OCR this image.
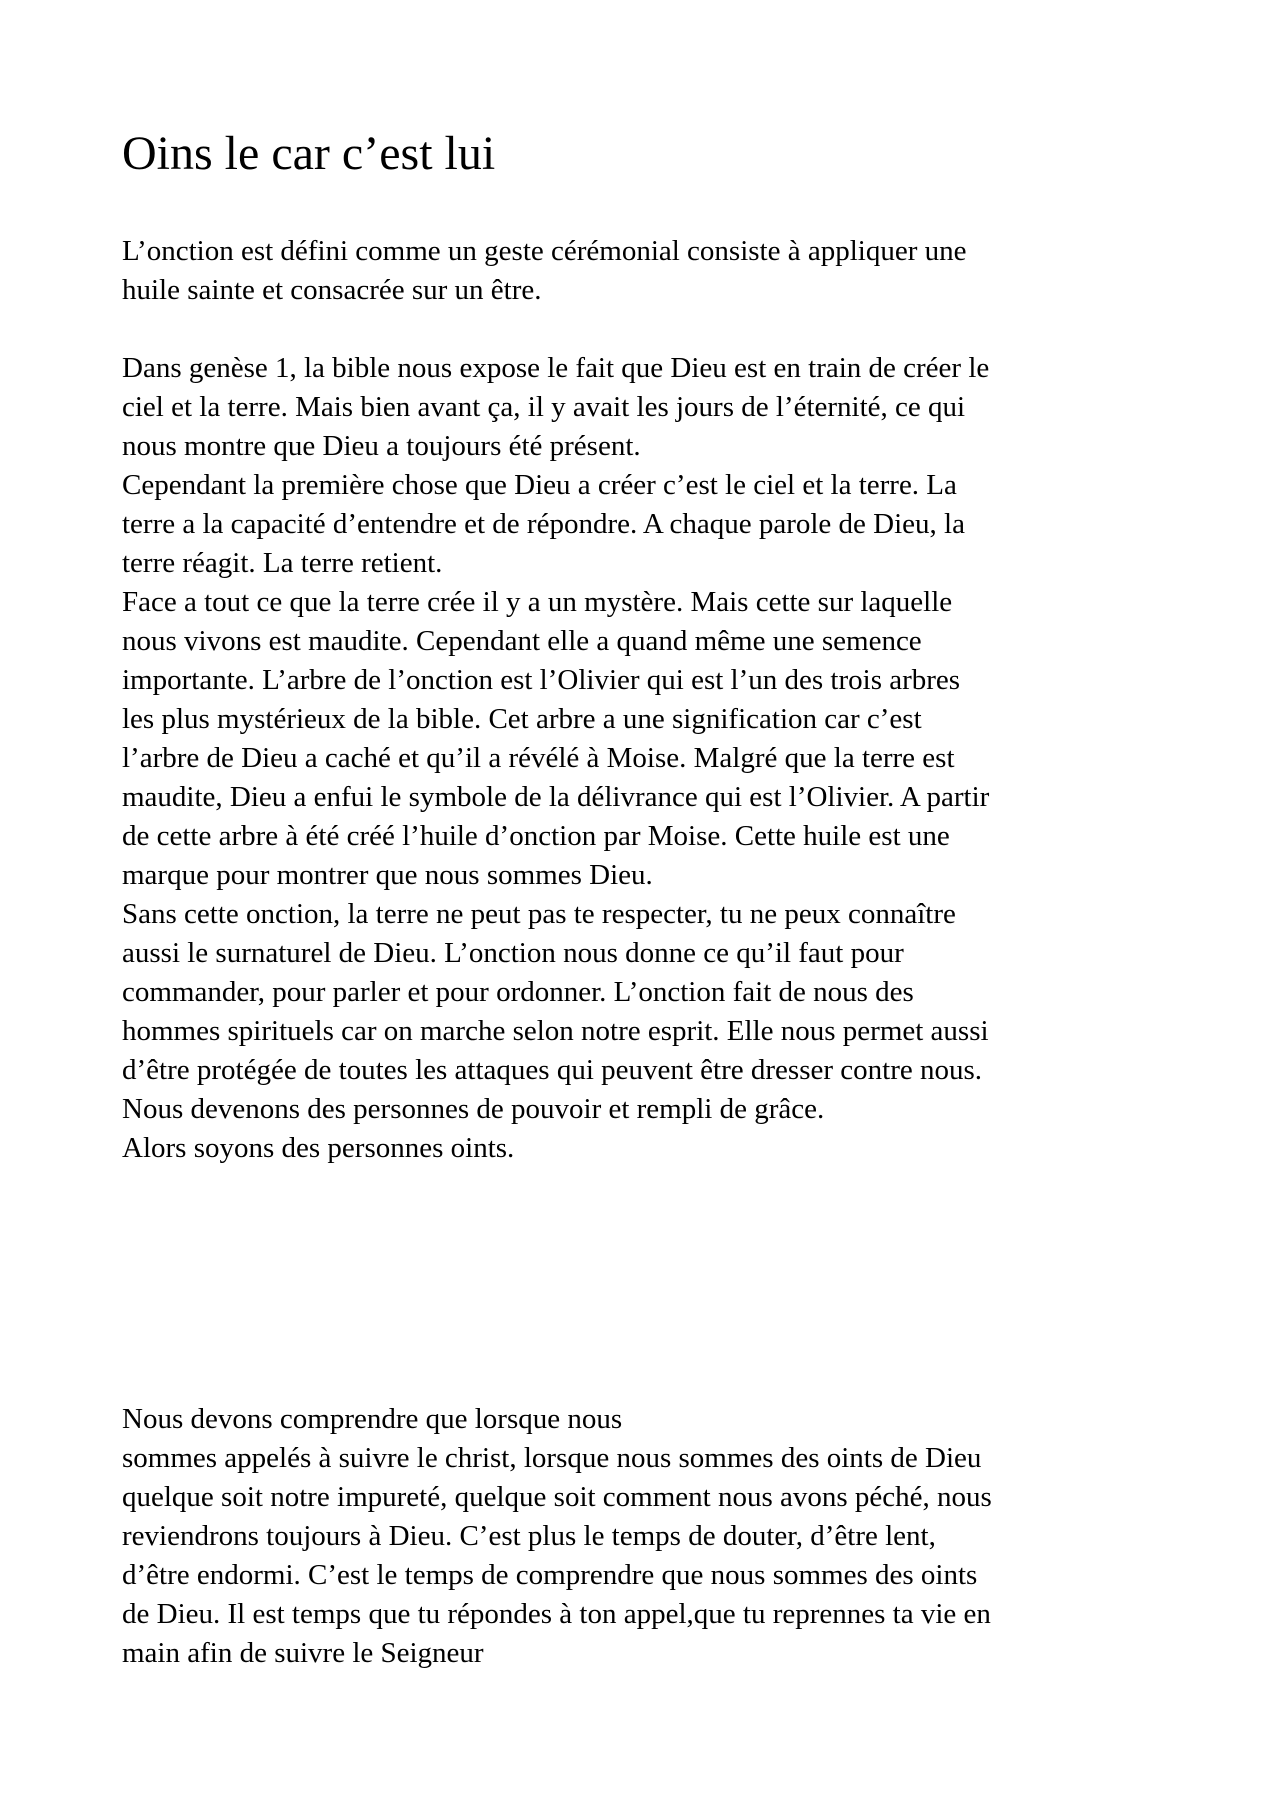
Oins le car c’est lui

L’onction est défini comme un geste cérémonial consiste à appliquer une

huile sainte et consacrée sur un être.

Dans genèse 1, la bible nous expose le fait que Dieu est en train de créer le

ciel et la terre. Mais bien avant ça, il y avait les jours de l’éternité, ce qui

nous montre que Dieu a toujours été présent.

Cependant la première chose que Dieu a créer c’est le ciel et la terre. La

terre a la capacité d’entendre et de répondre. A chaque parole de Dieu, la

terre réagit. La terre retient.

Face a tout ce que la terre crée il y a un mystère. Mais cette sur laquelle

nous vivons est maudite. Cependant elle a quand même une semence

importante. L’arbre de l’onction est l’Olivier qui est l’un des trois arbres

les plus mystérieux de la bible. Cet arbre a une signification car c’est

l’arbre de Dieu a caché et qu’il a révélé à Moise. Malgré que la terre est

maudite, Dieu a enfui le symbole de la délivrance qui est l’Olivier. A partir

de cette arbre à été créé l’huile d’onction par Moise. Cette huile est une

marque pour montrer que nous sommes Dieu.

Sans cette onction, la terre ne peut pas te respecter, tu ne peux connaître

aussi le surnaturel de Dieu. L’onction nous donne ce qu’il faut pour

commander, pour parler et pour ordonner. L’onction fait de nous des

hommes spirituels car on marche selon notre esprit. Elle nous permet aussi

d’être protégée de toutes les attaques qui peuvent être dresser contre nous.

Nous devenons des personnes de pouvoir et rempli de grâce.

Alors soyons des personnes oints.

Nous devons comprendre que lorsque nous

sommes appelés à suivre le christ, lorsque nous sommes des oints de Dieu

quelque soit notre impureté, quelque soit comment nous avons péché, nous

reviendrons toujours à Dieu. C’est plus le temps de douter, d’être lent,

d’être endormi. C’est le temps de comprendre que nous sommes des oints

de Dieu. Il est temps que tu répondes à ton appel,que tu reprennes ta vie en

main afin de suivre le Seigneur
